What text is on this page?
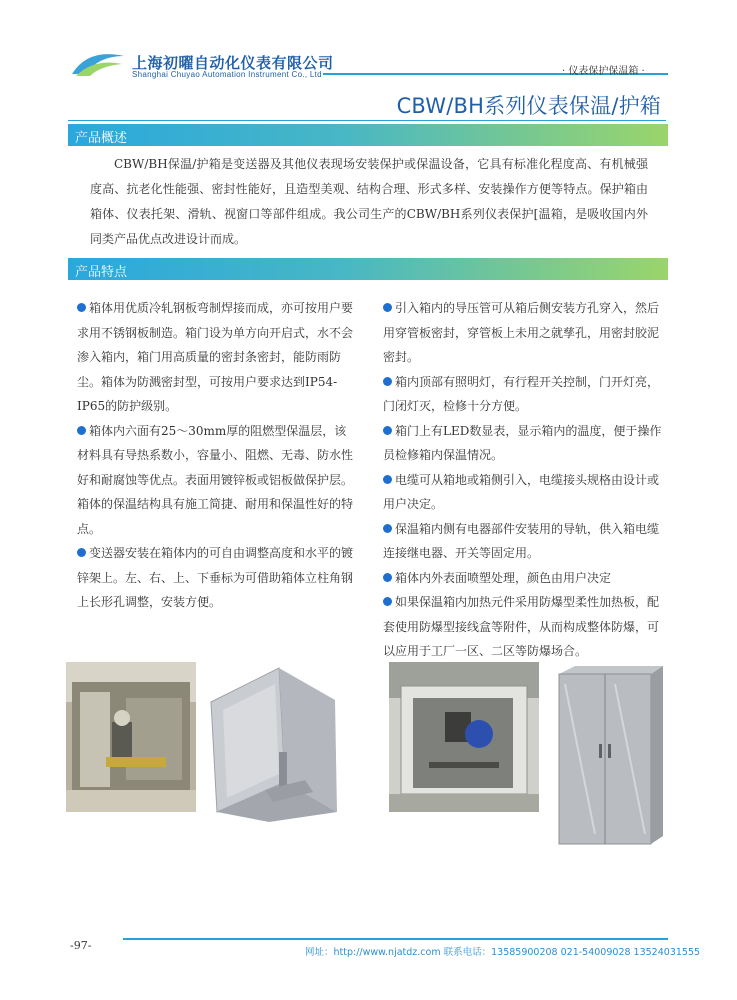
上海初曜自动化仪表有限公司
Shanghai Chuyao Automation Instrument Co., Ltd	· 仪表保护保温箱 ·
CBW/BH系列仪表保温/护箱
产品概述
CBW/BH保温/护箱是变送器及其他仪表现场安装保护或保温设备，它具有标准化程度高、有机械强度高、抗老化性能强、密封性能好，且造型美观、结构合理、形式多样、安装操作方便等特点。保护箱由箱体、仪表托架、滑轨、视窗口等部件组成。我公司生产的CBW/BH系列仪表保护[温箱，是吸收国内外同类产品优点改进设计而成。
产品特点
箱体用优质冷轧钢板弯制焊接而成，亦可按用户要求用不锈钢板制造。箱门设为单方向开启式，水不会渗入箱内，箱门用高质量的密封条密封，能防雨防尘。箱体为防溅密封型，可按用户要求达到IP54-IP65的防护级别。
箱体内六面有25～30mm厚的阻燃型保温层，该材料具有导热系数小，容量小、阻燃、无毒、防水性好和耐腐蚀等优点。表面用镀锌板或铝板做保护层。箱体的保温结构具有施工简捷、耐用和保温性好的特点。
变送器安装在箱体内的可自由调整高度和水平的镀锌架上。左、右、上、下垂标为可借助箱体立柱角钢上长形孔调整，安装方便。
引入箱内的导压管可从箱后侧安装方孔穿入，然后用穿管板密封，穿管板上未用之就孳孔，用密封胶泥密封。
箱内顶部有照明灯，有行程开关控制，门开灯亮，门闭灯灭，检修十分方便。
箱门上有LED数显表，显示箱内的温度，便于操作员检修箱内保温情况。
电缆可从箱地或箱侧引入，电缆接头规格由设计或用户决定。
保温箱内侧有电器部件安装用的导轨，供入箱电缆连接继电器、开关等固定用。
箱体内外表面喷塑处理，颜色由用户决定
如果保温箱内加热元件采用防爆型柔性加热板，配套使用防爆型接线盒等附件，从而构成整体防爆，可以应用于工厂一区、二区等防爆场合。
-97-
网址：http://www.njatdz.com 联系电话：13585900208 021-54009028 13524031555
